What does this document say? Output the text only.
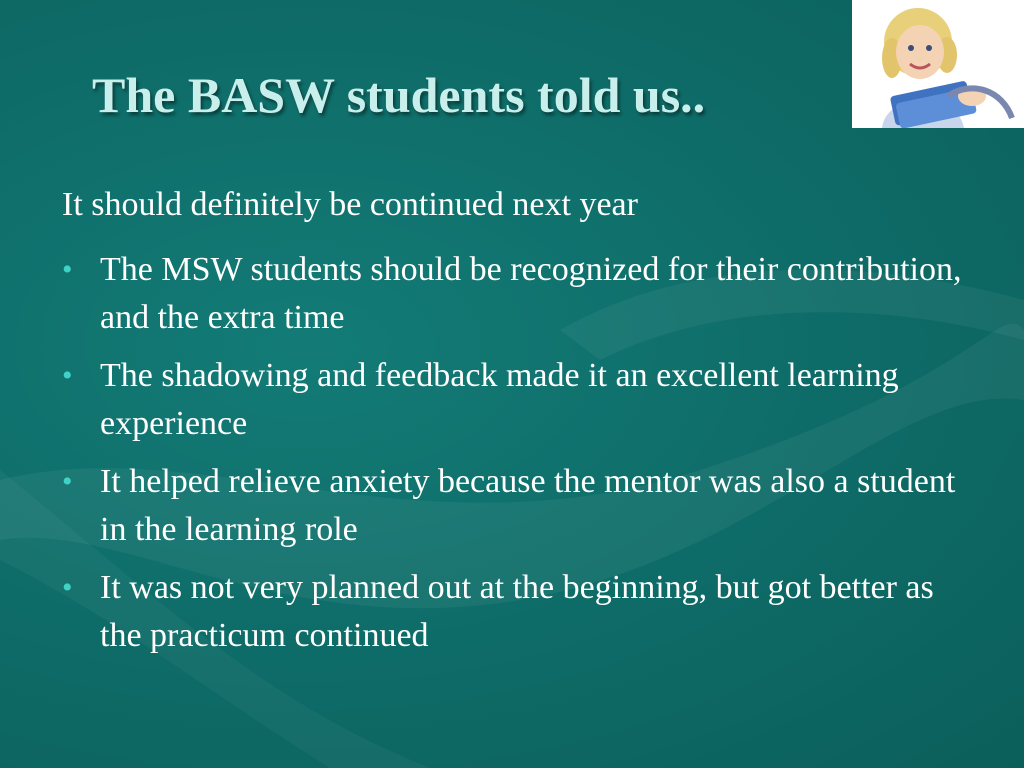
The BASW students told us..

It should definitely be continued next year

• The MSW students should be recognized for their contribution, and the extra time
• The shadowing and feedback made it an excellent learning experience
• It helped relieve anxiety because the mentor was also a student in the learning role
• It was not very planned out at the beginning, but got better as the practicum continued
